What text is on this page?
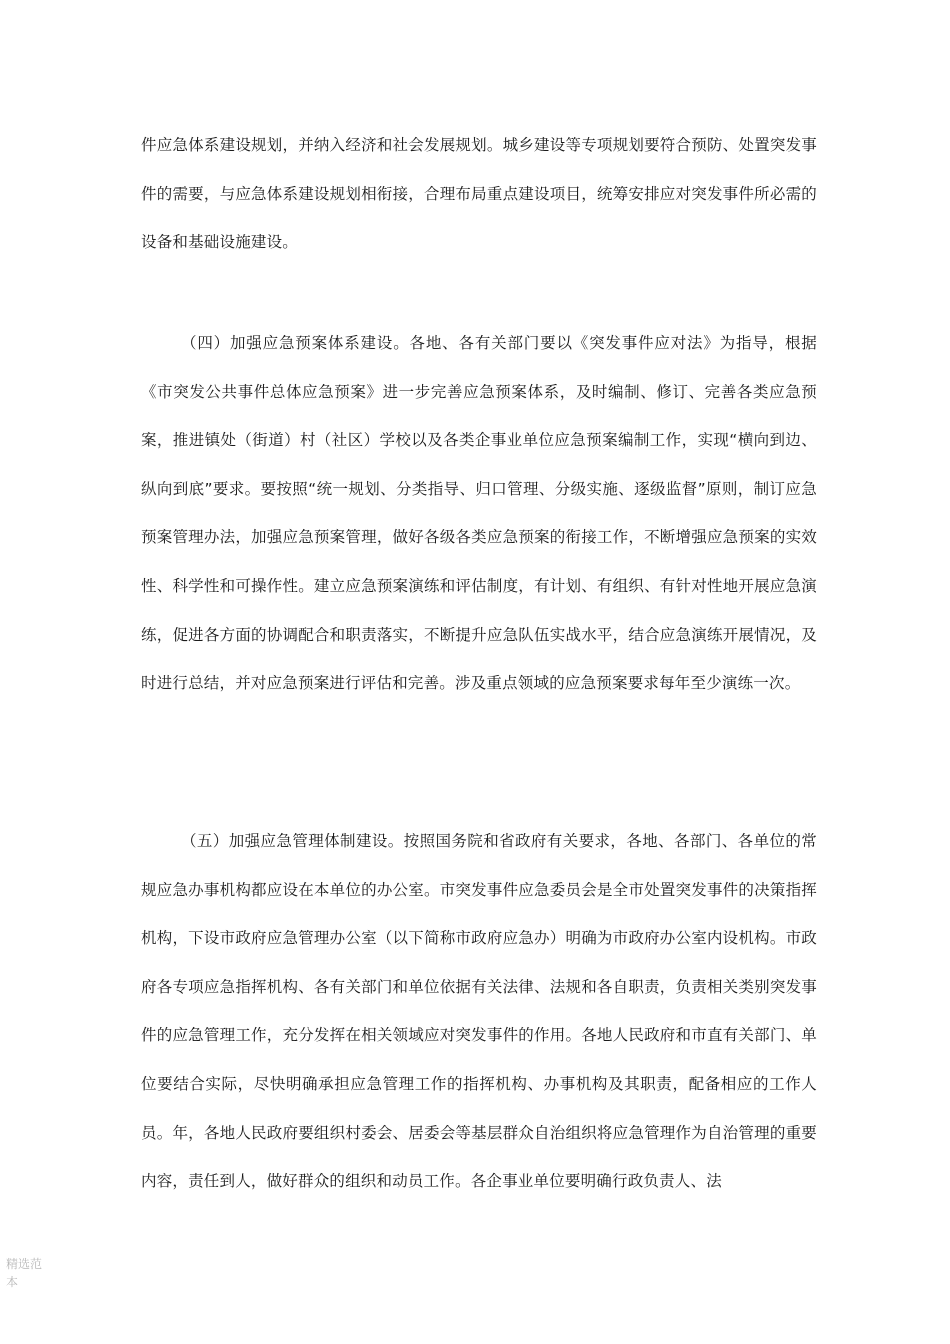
件应急体系建设规划，并纳入经济和社会发展规划。城乡建设等专项规划要符合预防、处置突发事件的需要，与应急体系建设规划相衔接，合理布局重点建设项目，统筹安排应对突发事件所必需的设备和基础设施建设。

（四）加强应急预案体系建设。各地、各有关部门要以《突发事件应对法》为指导，根据《市突发公共事件总体应急预案》进一步完善应急预案体系，及时编制、修订、完善各类应急预案，推进镇处（街道）村（社区）学校以及各类企事业单位应急预案编制工作，实现“横向到边、纵向到底”要求。要按照“统一规划、分类指导、归口管理、分级实施、逐级监督”原则，制订应急预案管理办法，加强应急预案管理，做好各级各类应急预案的衔接工作，不断增强应急预案的实效性、科学性和可操作性。建立应急预案演练和评估制度，有计划、有组织、有针对性地开展应急演练，促进各方面的协调配合和职责落实，不断提升应急队伍实战水平，结合应急演练开展情况，及时进行总结，并对应急预案进行评估和完善。涉及重点领域的应急预案要求每年至少演练一次。

（五）加强应急管理体制建设。按照国务院和省政府有关要求，各地、各部门、各单位的常规应急办事机构都应设在本单位的办公室。市突发事件应急委员会是全市处置突发事件的决策指挥机构，下设市政府应急管理办公室（以下简称市政府应急办）明确为市政府办公室内设机构。市政府各专项应急指挥机构、各有关部门和单位依据有关法律、法规和各自职责，负责相关类别突发事件的应急管理工作，充分发挥在相关领域应对突发事件的作用。各地人民政府和市直有关部门、单位要结合实际，尽快明确承担应急管理工作的指挥机构、办事机构及其职责，配备相应的工作人员。年，各地人民政府要组织村委会、居委会等基层群众自治组织将应急管理作为自治管理的重要内容，责任到人，做好群众的组织和动员工作。各企事业单位要明确行政负责人、法

精选范本
